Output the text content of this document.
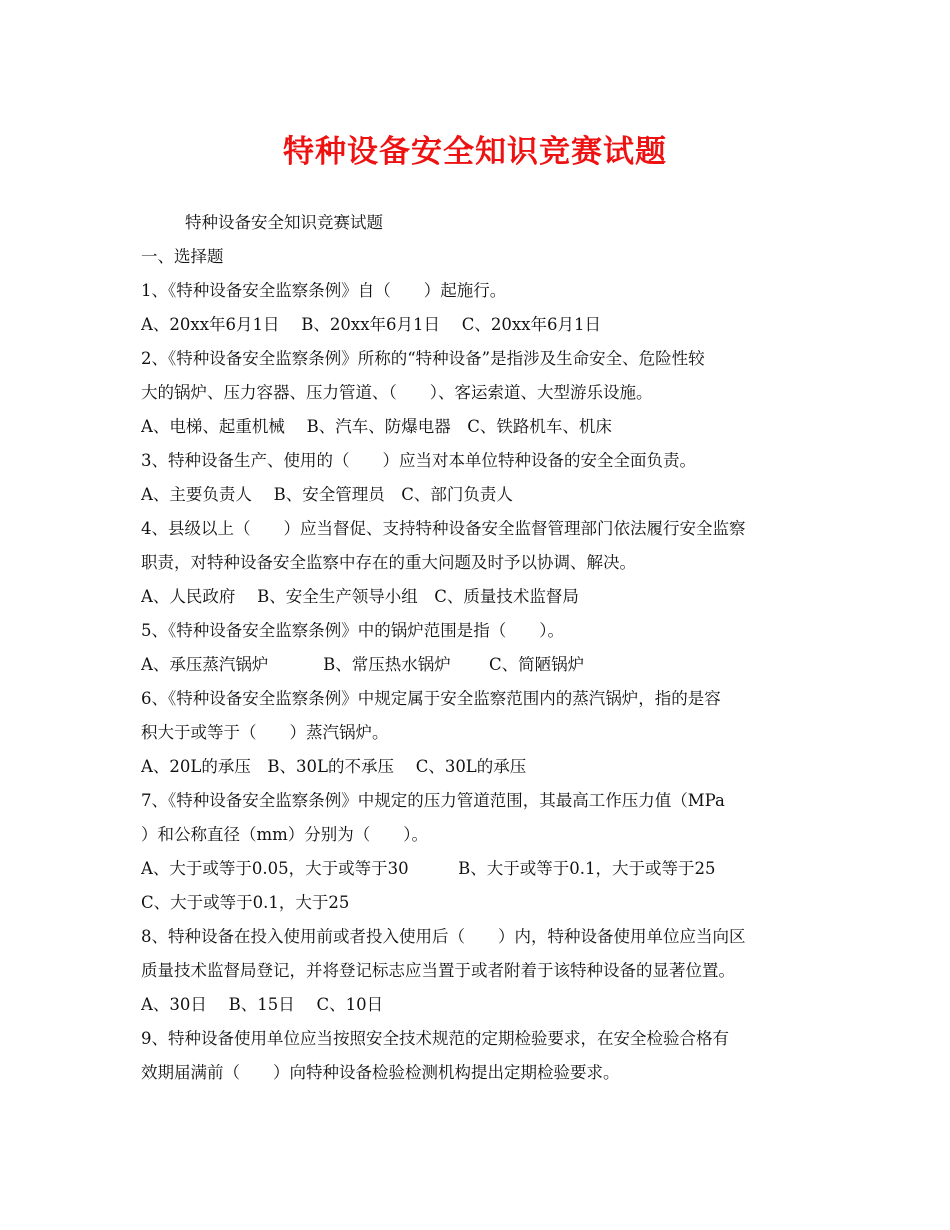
特种设备安全知识竞赛试题

特种设备安全知识竞赛试题

一、选择题

1、《特种设备安全监察条例》自（　　）起施行。

A、20xx年6月1日　 B、20xx年6月1日　 C、20xx年6月1日

2、《特种设备安全监察条例》所称的“特种设备”是指涉及生命安全、危险性较

大的锅炉、压力容器、压力管道、（　　）、客运索道、大型游乐设施。

A、电梯、起重机械　 B、汽车、防爆电器　C、铁路机车、机床

3、特种设备生产、使用的（　　）应当对本单位特种设备的安全全面负责。

A、主要负责人　 B、安全管理员　C、部门负责人

4、县级以上（　　）应当督促、支持特种设备安全监督管理部门依法履行安全监察

职责，对特种设备安全监察中存在的重大问题及时予以协调、解决。

A、人民政府　 B、安全生产领导小组　C、质量技术监督局

5、《特种设备安全监察条例》中的锅炉范围是指（　　）。

A、承压蒸汽锅炉　　　 B、常压热水锅炉　　 C、简陋锅炉

6、《特种设备安全监察条例》中规定属于安全监察范围内的蒸汽锅炉，指的是容

积大于或等于（　　）蒸汽锅炉。

A、20L的承压　B、30L的不承压　 C、30L的承压

7、《特种设备安全监察条例》中规定的压力管道范围，其最高工作压力值（MPa

）和公称直径（mm）分别为（　　）。

A、大于或等于0.05，大于或等于30　　　B、大于或等于0.1，大于或等于25

C、大于或等于0.1，大于25

8、特种设备在投入使用前或者投入使用后（　　）内，特种设备使用单位应当向区

质量技术监督局登记，并将登记标志应当置于或者附着于该特种设备的显著位置。

A、30日　 B、15日　 C、10日

9、特种设备使用单位应当按照安全技术规范的定期检验要求，在安全检验合格有

效期届满前（　　）向特种设备检验检测机构提出定期检验要求。
